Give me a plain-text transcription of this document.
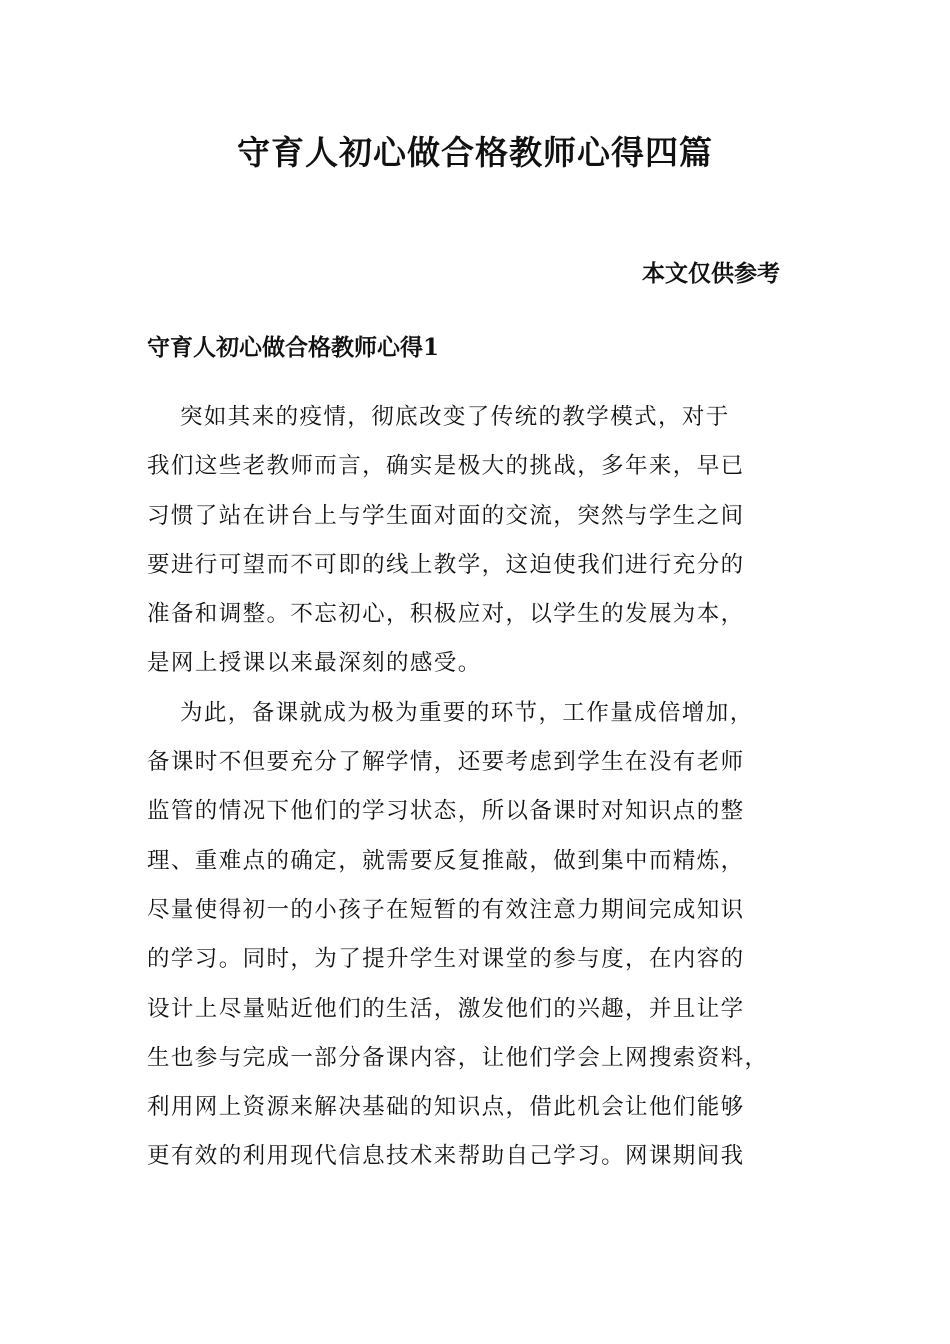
守育人初心做合格教师心得四篇

本文仅供参考

守育人初心做合格教师心得1
突如其来的疫情，彻底改变了传统的教学模式，对于
我们这些老教师而言，确实是极大的挑战，多年来，早已
习惯了站在讲台上与学生面对面的交流，突然与学生之间
要进行可望而不可即的线上教学，这迫使我们进行充分的
准备和调整。不忘初心，积极应对，以学生的发展为本，
是网上授课以来最深刻的感受。
为此，备课就成为极为重要的环节，工作量成倍增加，
备课时不但要充分了解学情，还要考虑到学生在没有老师
监管的情况下他们的学习状态，所以备课时对知识点的整
理、重难点的确定，就需要反复推敲，做到集中而精炼，
尽量使得初一的小孩子在短暂的有效注意力期间完成知识
的学习。同时，为了提升学生对课堂的参与度，在内容的
设计上尽量贴近他们的生活，激发他们的兴趣，并且让学
生也参与完成一部分备课内容，让他们学会上网搜索资料，
利用网上资源来解决基础的知识点，借此机会让他们能够
更有效的利用现代信息技术来帮助自己学习。网课期间我
